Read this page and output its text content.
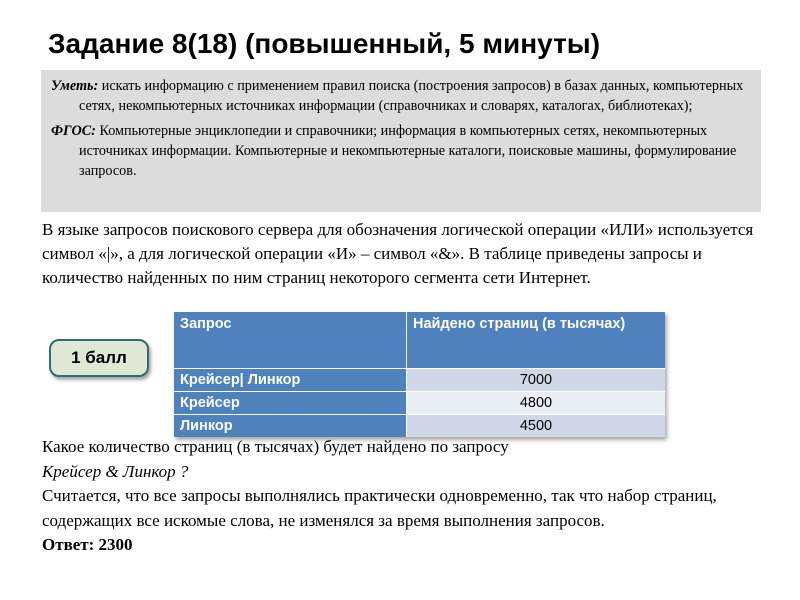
Задание 8(18) (повышенный, 5 минуты)
Уметь: искать информацию с применением правил поиска (построения запросов) в базах данных, компьютерных сетях, некомпьютерных источниках информации (справочниках и словарях, каталогах, библиотеках);
ФГОС: Компьютерные энциклопедии и справочники; информация в компьютерных сетях, некомпьютерных источниках информации. Компьютерные и некомпьютерные каталоги, поисковые машины, формулирование запросов.
В языке запросов поискового сервера для обозначения логической операции «ИЛИ» используется символ «|», а для логической операции «И» – символ «&». В таблице приведены запросы и количество найденных по ним страниц некоторого сегмента сети Интернет.
1 балл
Запрос	Найдено страниц (в тысячах)
Крейсер| Линкор	7000
Крейсер	4800
Линкор	4500
Какое количество страниц (в тысячах) будет найдено по запросу
Крейсер & Линкор ?
Считается, что все запросы выполнялись практически одновременно, так что набор страниц, содержащих все искомые слова, не изменялся за время выполнения запросов.
Ответ: 2300
